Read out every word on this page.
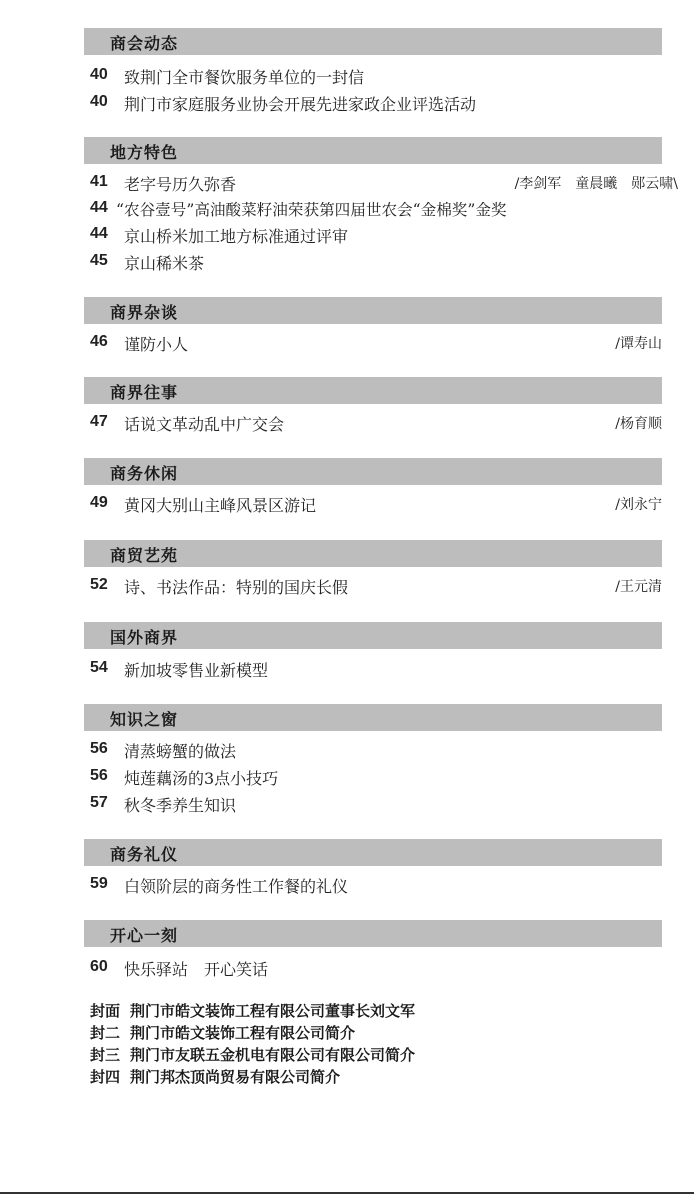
商会动态
40 致荆门全市餐饮服务单位的一封信
40 荆门市家庭服务业协会开展先进家政企业评选活动
地方特色
41 老字号历久弥香	/李剑军　童晨曦　郧云啸\
44 “农谷壹号”高油酸菜籽油荣获第四届世农会“金棉奖”金奖
44 京山桥米加工地方标准通过评审
45 京山稀米茶
商界杂谈
46 谨防小人	/谭寿山
商界往事
47 话说文革动乱中广交会	/杨育顺
商务休闲
49 黄冈大别山主峰风景区游记	/刘永宁
商贸艺苑
52 诗、书法作品：特别的国庆长假	/王元清
国外商界
54 新加坡零售业新模型
知识之窗
56 清蒸螃蟹的做法
56 炖莲藕汤的3点小技巧
57 秋冬季养生知识
商务礼仪
59 白领阶层的商务性工作餐的礼仪
开心一刻
60 快乐驿站　开心笑话
封面 荆门市皓文装饰工程有限公司董事长刘文军
封二 荆门市皓文装饰工程有限公司简介
封三 荆门市友联五金机电有限公司有限公司简介
封四 荆门邦杰顶尚贸易有限公司简介
